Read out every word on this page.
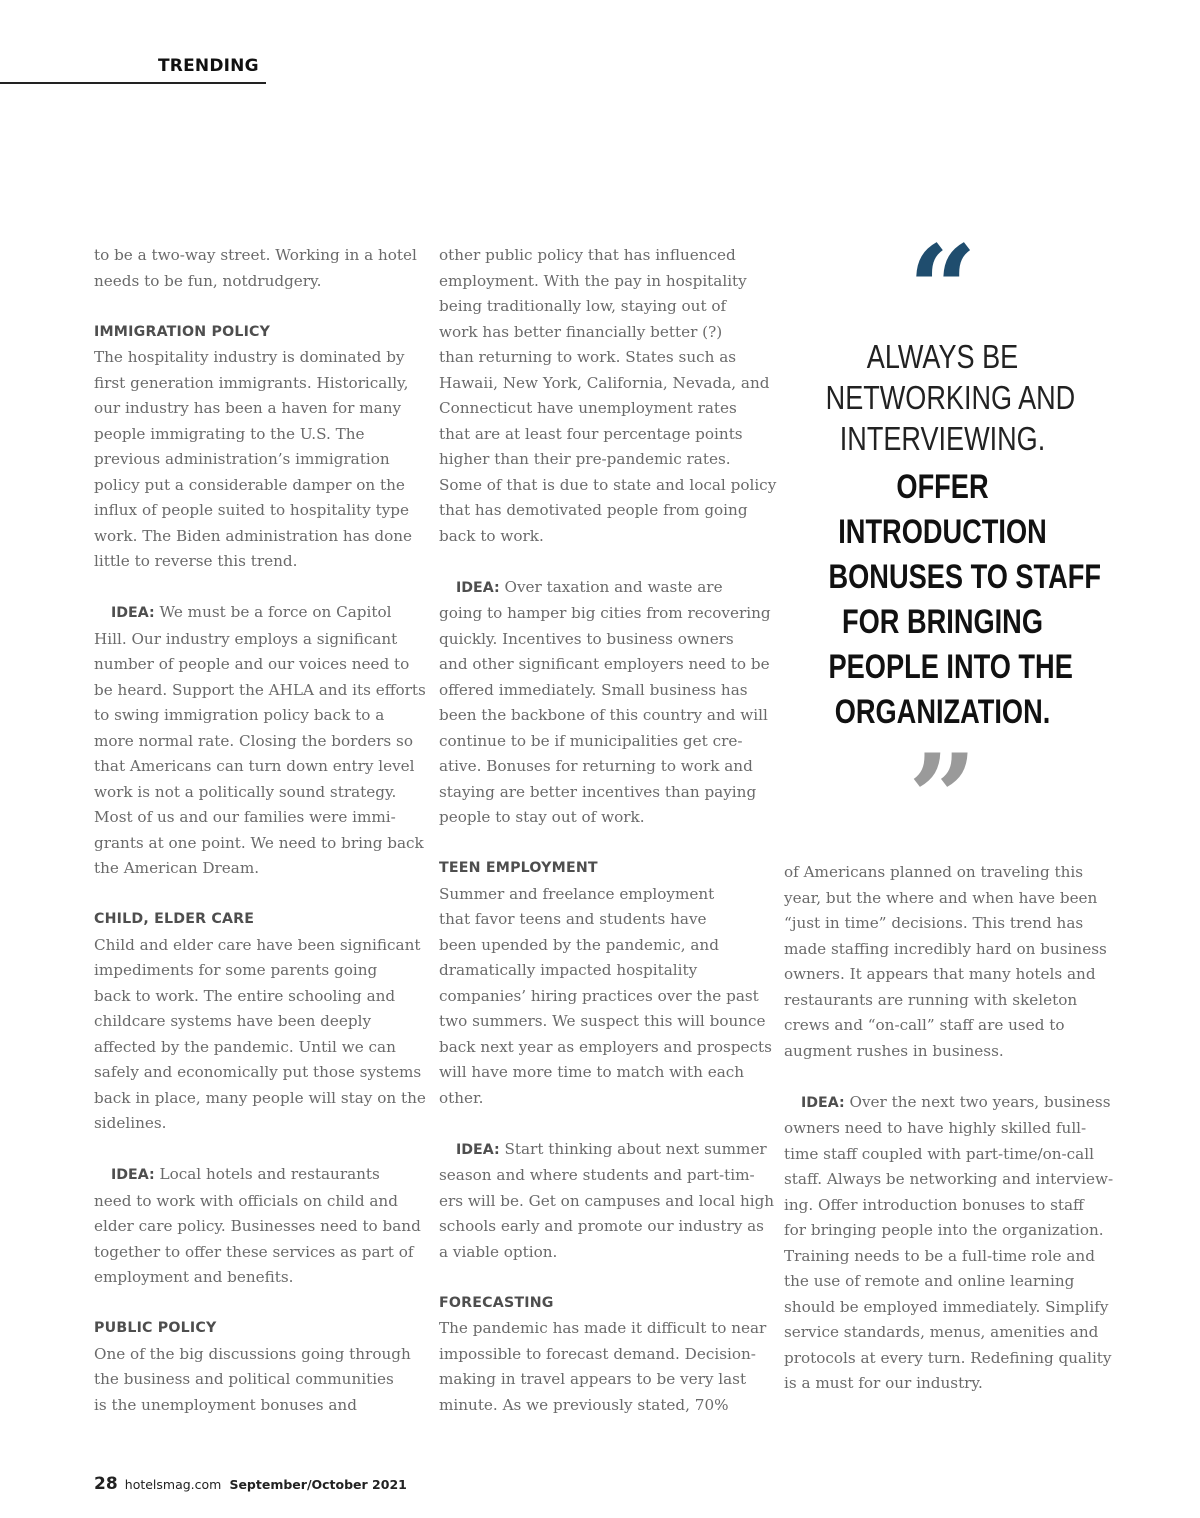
TRENDING
to be a two-way street. Working in a hotel
needs to be fun, notdrudgery.
IMMIGRATION POLICY
The hospitality industry is dominated by
first generation immigrants. Historically,
our industry has been a haven for many
people immigrating to the U.S. The
previous administration’s immigration
policy put a considerable damper on the
influx of people suited to hospitality type
work. The Biden administration has done
little to reverse this trend.
IDEA: We must be a force on Capitol
Hill. Our industry employs a significant
number of people and our voices need to
be heard. Support the AHLA and its efforts
to swing immigration policy back to a
more normal rate. Closing the borders so
that Americans can turn down entry level
work is not a politically sound strategy.
Most of us and our families were immi-
grants at one point. We need to bring back
the American Dream.
CHILD, ELDER CARE
Child and elder care have been significant
impediments for some parents going
back to work. The entire schooling and
childcare systems have been deeply
affected by the pandemic. Until we can
safely and economically put those systems
back in place, many people will stay on the
sidelines.
IDEA: Local hotels and restaurants
need to work with officials on child and
elder care policy. Businesses need to band
together to offer these services as part of
employment and benefits.
PUBLIC POLICY
One of the big discussions going through
the business and political communities
is the unemployment bonuses and
other public policy that has influenced
employment. With the pay in hospitality
being traditionally low, staying out of
work has better financially better (?)
than returning to work. States such as
Hawaii, New York, California, Nevada, and
Connecticut have unemployment rates
that are at least four percentage points
higher than their pre-pandemic rates.
Some of that is due to state and local policy
that has demotivated people from going
back to work.
IDEA: Over taxation and waste are
going to hamper big cities from recovering
quickly. Incentives to business owners
and other significant employers need to be
offered immediately. Small business has
been the backbone of this country and will
continue to be if municipalities get cre-
ative. Bonuses for returning to work and
staying are better incentives than paying
people to stay out of work.
TEEN EMPLOYMENT
Summer and freelance employment
that favor teens and students have
been upended by the pandemic, and
dramatically impacted hospitality
companies’ hiring practices over the past
two summers. We suspect this will bounce
back next year as employers and prospects
will have more time to match with each
other.
IDEA: Start thinking about next summer
season and where students and part-tim-
ers will be. Get on campuses and local high
schools early and promote our industry as
a viable option.
FORECASTING
The pandemic has made it difficult to near
impossible to forecast demand. Decision-
making in travel appears to be very last
minute. As we previously stated, 70%
of Americans planned on traveling this
year, but the where and when have been
“just in time” decisions. This trend has
made staffing incredibly hard on business
owners. It appears that many hotels and
restaurants are running with skeleton
crews and “on-call” staff are used to
augment rushes in business.
IDEA: Over the next two years, business
owners need to have highly skilled full-
time staff coupled with part-time/on-call
staff. Always be networking and interview-
ing. Offer introduction bonuses to staff
for bringing people into the organization.
Training needs to be a full-time role and
the use of remote and online learning
should be employed immediately. Simplify
service standards, menus, amenities and
protocols at every turn. Redefining quality
is a must for our industry.
“
ALWAYS BE
NETWORKING AND
INTERVIEWING.
OFFER
INTRODUCTION
BONUSES TO STAFF
FOR BRINGING
PEOPLE INTO THE
ORGANIZATION.
”
28 hotelsmag.com September/October 2021
